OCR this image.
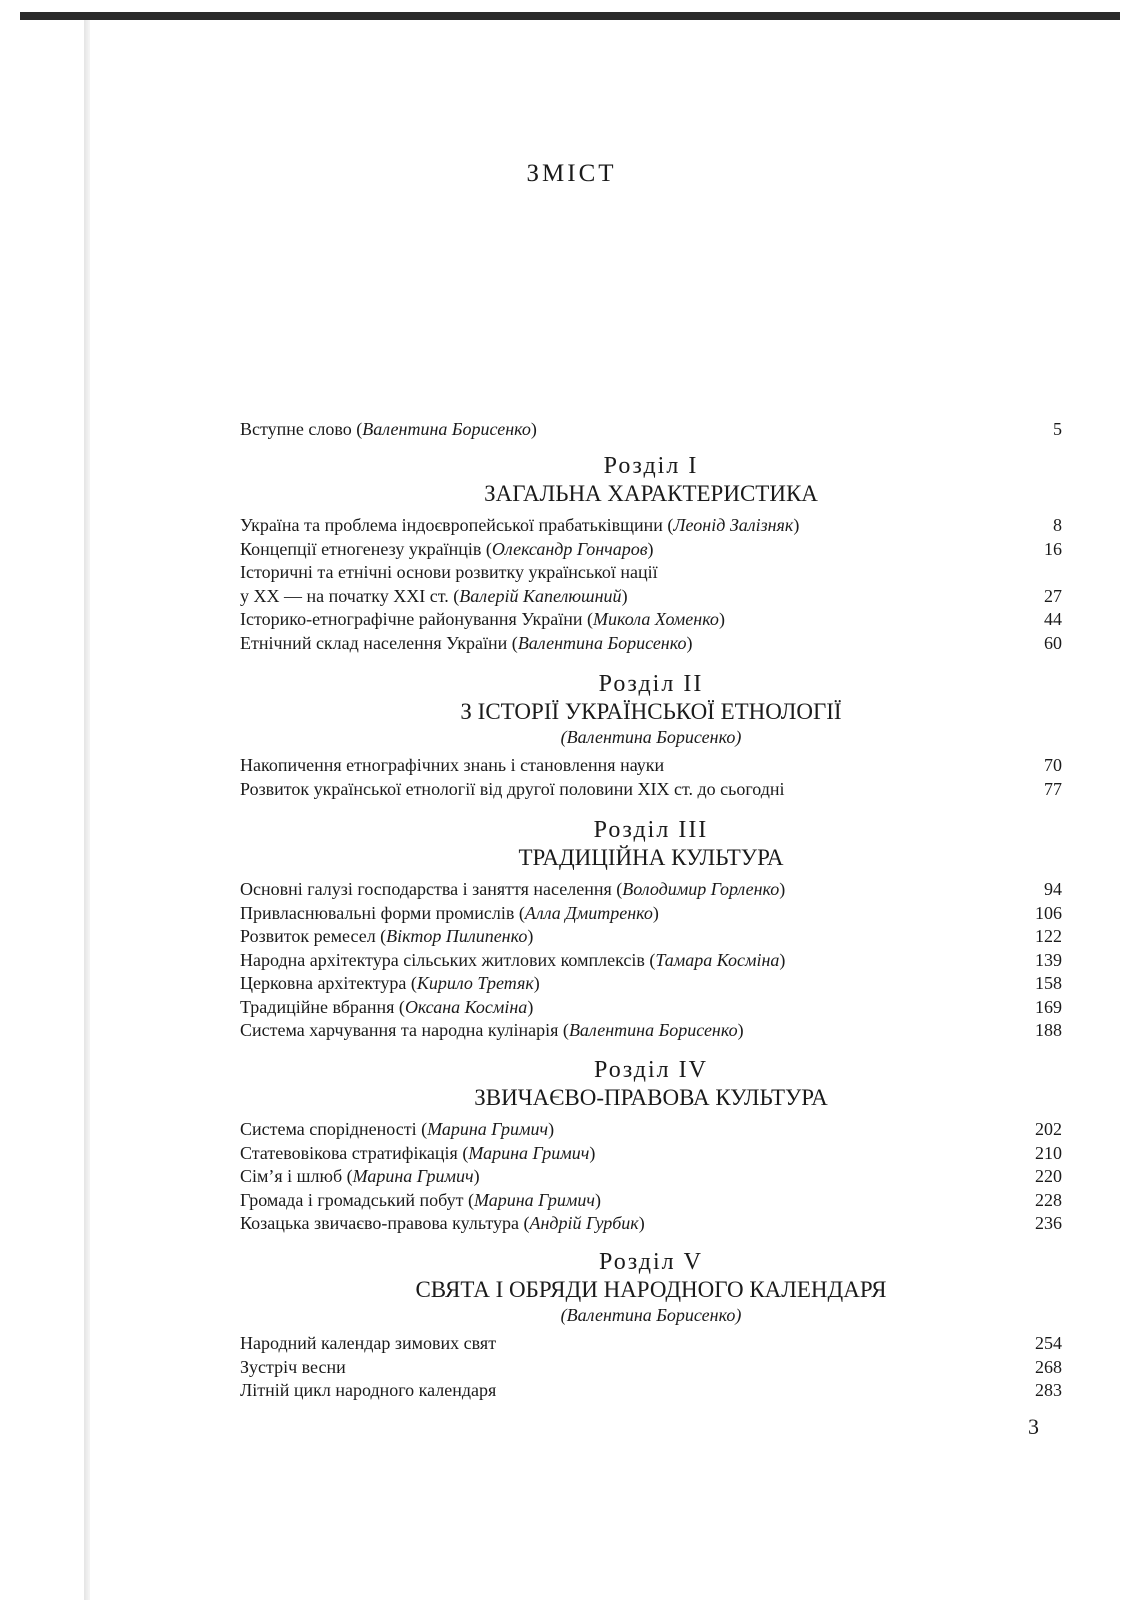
ЗМІСТ
Вступне слово (Валентина Борисенко)	5
Розділ I
ЗАГАЛЬНА ХАРАКТЕРИСТИКА
Україна та проблема індоєвропейської прабатьківщини (Леонід Залізняк)	8
Концепції етногенезу українців (Олександр Гончаров)	16
Історичні та етнічні основи розвитку української нації
у XX — на початку XXI ст. (Валерій Капелюшний)	27
Історико-етнографічне районування України (Микола Хоменко)	44
Етнічний склад населення України (Валентина Борисенко)	60
Розділ II
З ІСТОРІЇ УКРАЇНСЬКОЇ ЕТНОЛОГІЇ
(Валентина Борисенко)
Накопичення етнографічних знань і становлення науки	70
Розвиток української етнології від другої половини XIX ст. до сьогодні	77
Розділ III
ТРАДИЦІЙНА КУЛЬТУРА
Основні галузі господарства і заняття населення (Володимир Горленко)	94
Привласнювальні форми промислів (Алла Дмитренко)	106
Розвиток ремесел (Віктор Пилипенко)	122
Народна архітектура сільських житлових комплексів (Тамара Косміна)	139
Церковна архітектура (Кирило Третяк)	158
Традиційне вбрання (Оксана Косміна)	169
Система харчування та народна кулінарія (Валентина Борисенко)	188
Розділ IV
ЗВИЧАЄВО-ПРАВОВА КУЛЬТУРА
Система спорідненості (Марина Гримич)	202
Статевовікова стратифікація (Марина Гримич)	210
Сім’я і шлюб (Марина Гримич)	220
Громада і громадський побут (Марина Гримич)	228
Козацька звичаєво-правова культура (Андрій Гурбик)	236
Розділ V
СВЯТА І ОБРЯДИ НАРОДНОГО КАЛЕНДАРЯ
(Валентина Борисенко)
Народний календар зимових свят	254
Зустріч весни	268
Літній цикл народного календаря	283
3
